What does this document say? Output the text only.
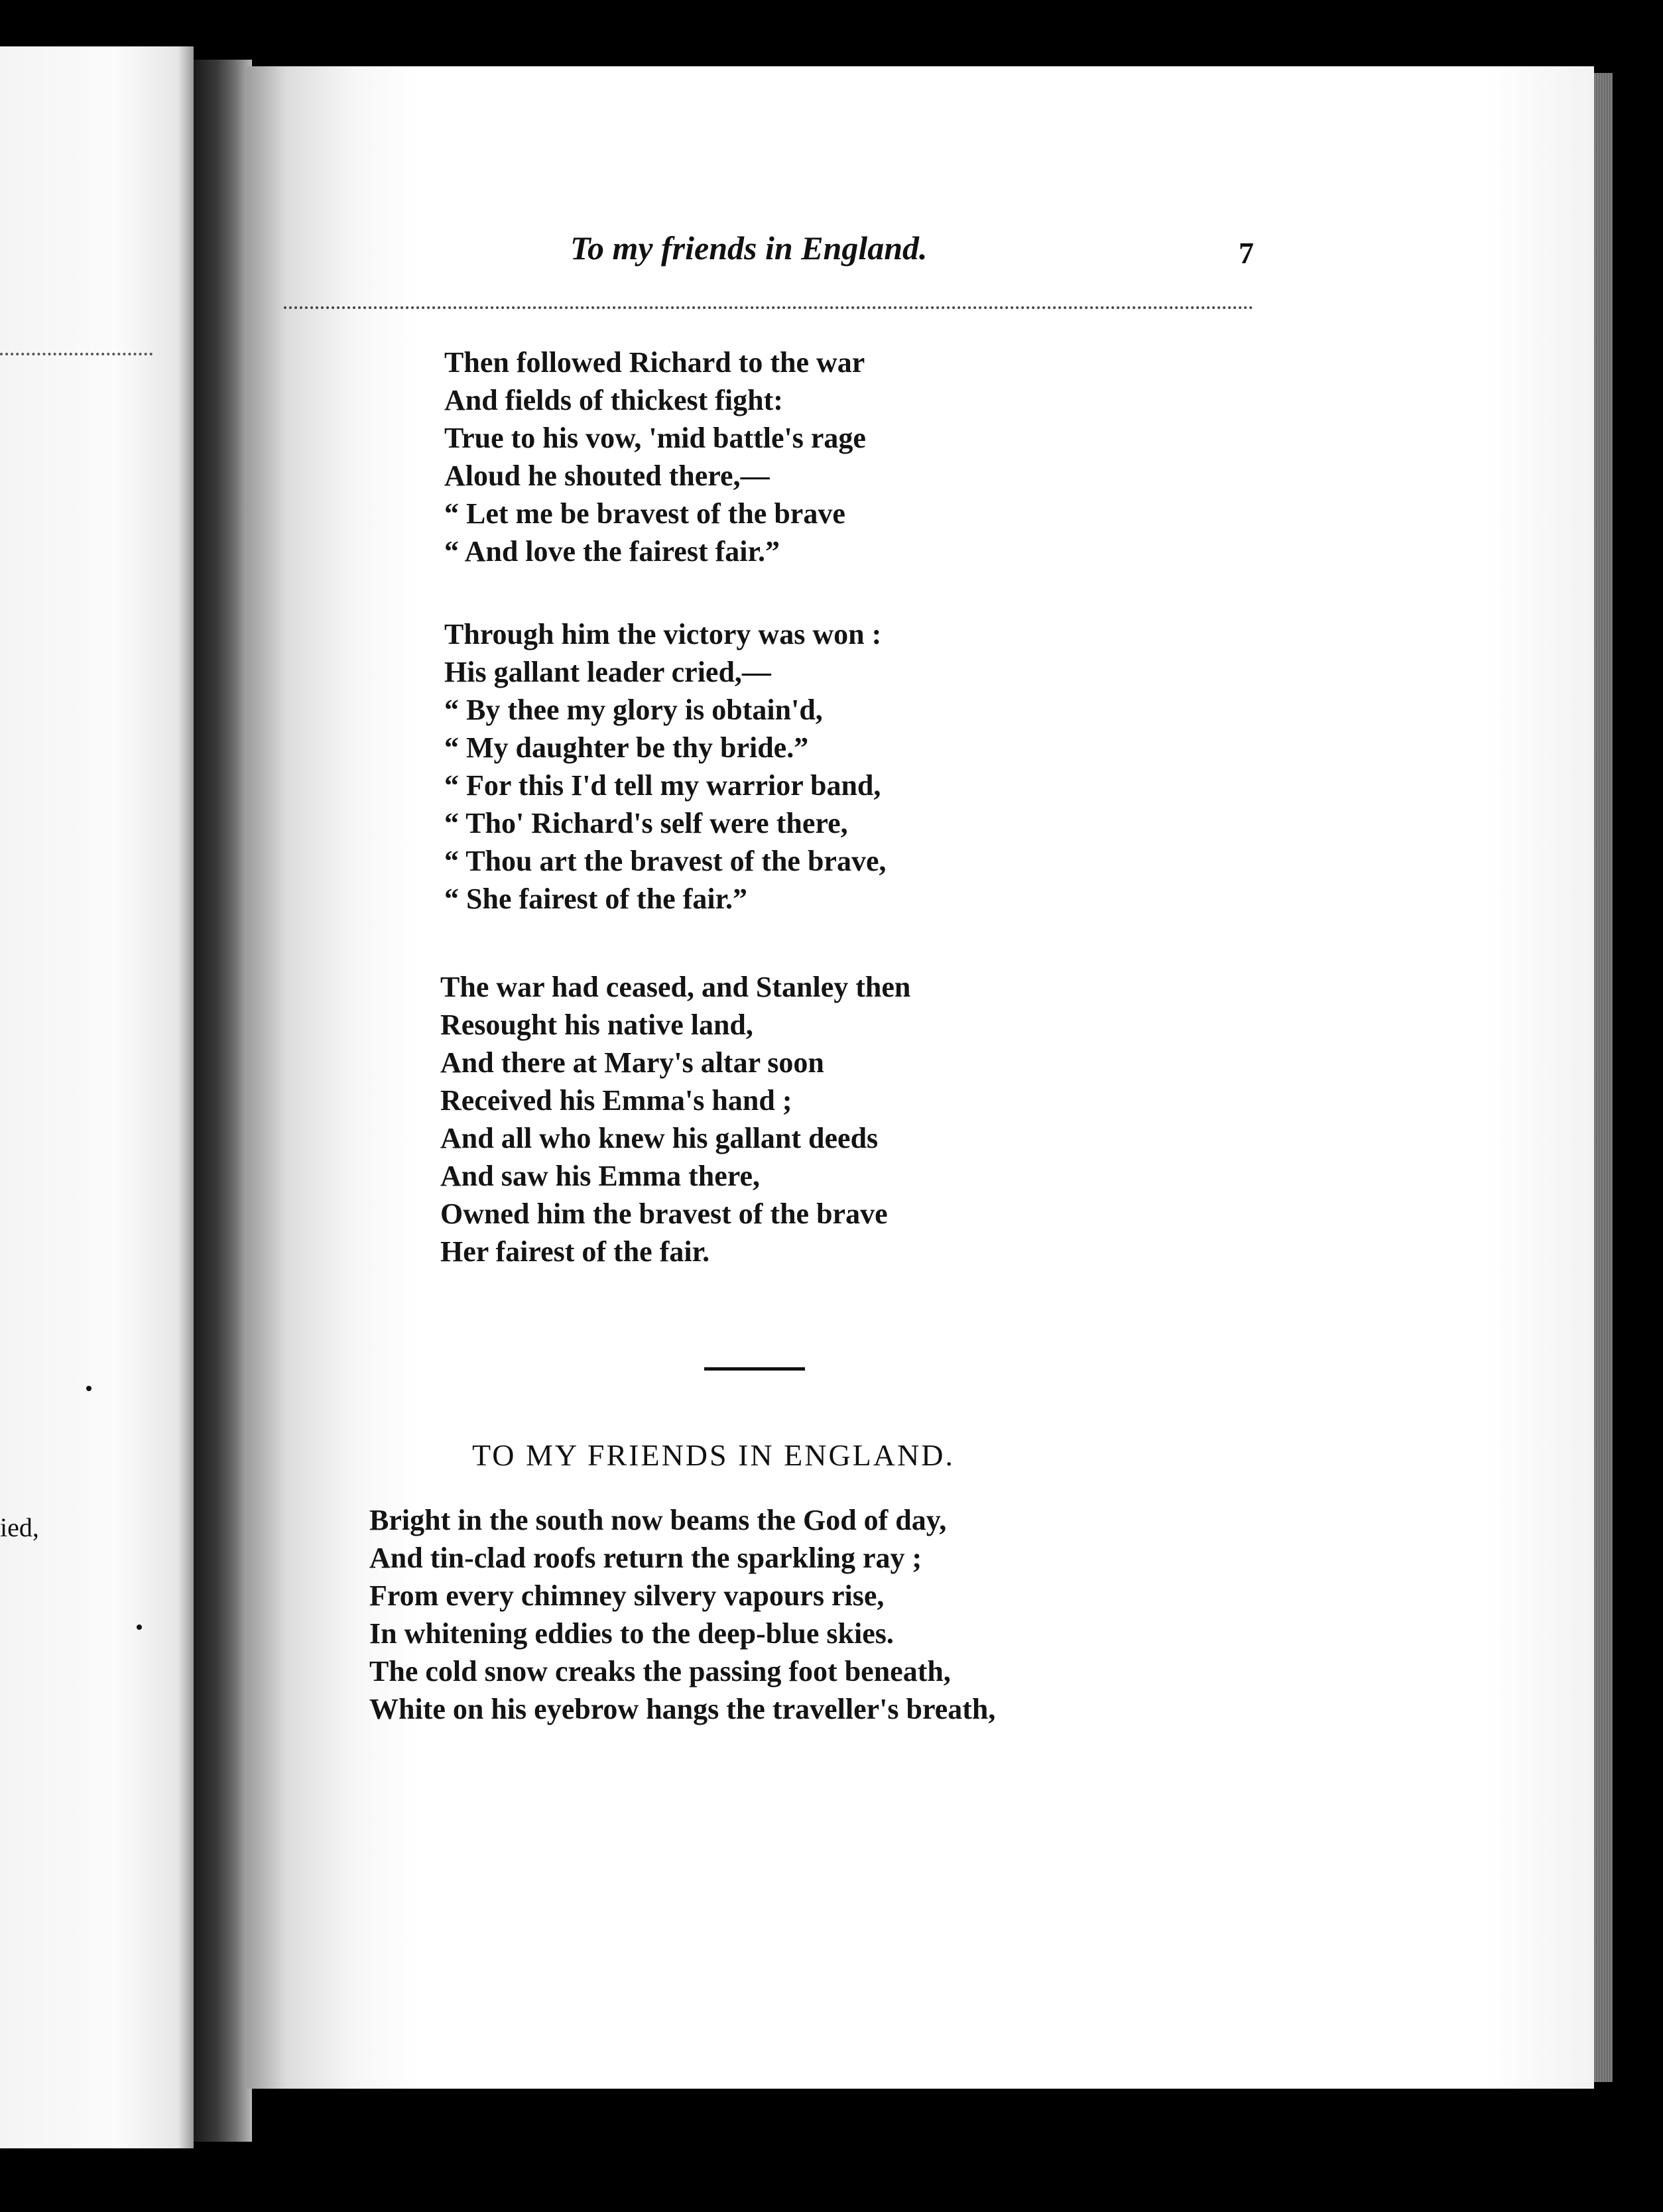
ied,
To my friends in England.	7
Then followed Richard to the war
And fields of thickest fight:
True to his vow, 'mid battle's rage
Aloud he shouted there,—
“ Let me be bravest of the brave
“ And love the fairest fair.”
Through him the victory was won :
His gallant leader cried,—
“ By thee my glory is obtain'd,
“ My daughter be thy bride.”
“ For this I'd tell my warrior band,
“ Tho' Richard's self were there,
“ Thou art the bravest of the brave,
“ She fairest of the fair.”
The war had ceased, and Stanley then
Resought his native land,
And there at Mary's altar soon
Received his Emma's hand ;
And all who knew his gallant deeds
And saw his Emma there,
Owned him the bravest of the brave
Her fairest of the fair.
TO MY FRIENDS IN ENGLAND.
Bright in the south now beams the God of day,
And tin-clad roofs return the sparkling ray ;
From every chimney silvery vapours rise,
In whitening eddies to the deep-blue skies.
The cold snow creaks the passing foot beneath,
White on his eyebrow hangs the traveller's breath,
